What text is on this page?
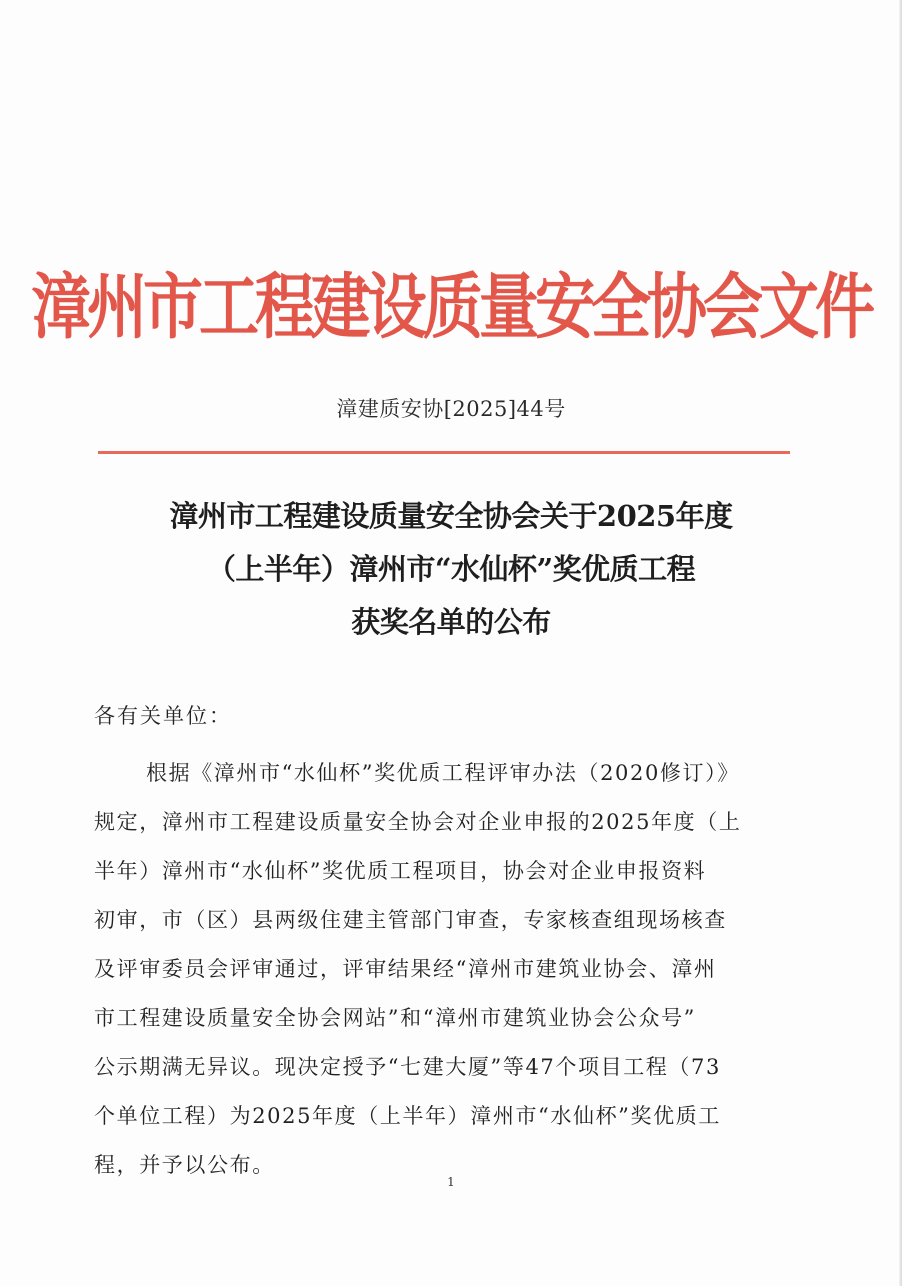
漳州市工程建设质量安全协会文件
漳建质安协[2025]44号
漳州市工程建设质量安全协会关于2025年度
（上半年）漳州市“水仙杯”奖优质工程
获奖名单的公布
各有关单位：
根据《漳州市“水仙杯”奖优质工程评审办法（2020修订）》
规定，漳州市工程建设质量安全协会对企业申报的2025年度（上
半年）漳州市“水仙杯”奖优质工程项目，协会对企业申报资料
初审，市（区）县两级住建主管部门审查，专家核查组现场核查
及评审委员会评审通过，评审结果经“漳州市建筑业协会、漳州
市工程建设质量安全协会网站”和“漳州市建筑业协会公众号”
公示期满无异议。现决定授予“七建大厦”等47个项目工程（73
个单位工程）为2025年度（上半年）漳州市“水仙杯”奖优质工
程，并予以公布。
1
